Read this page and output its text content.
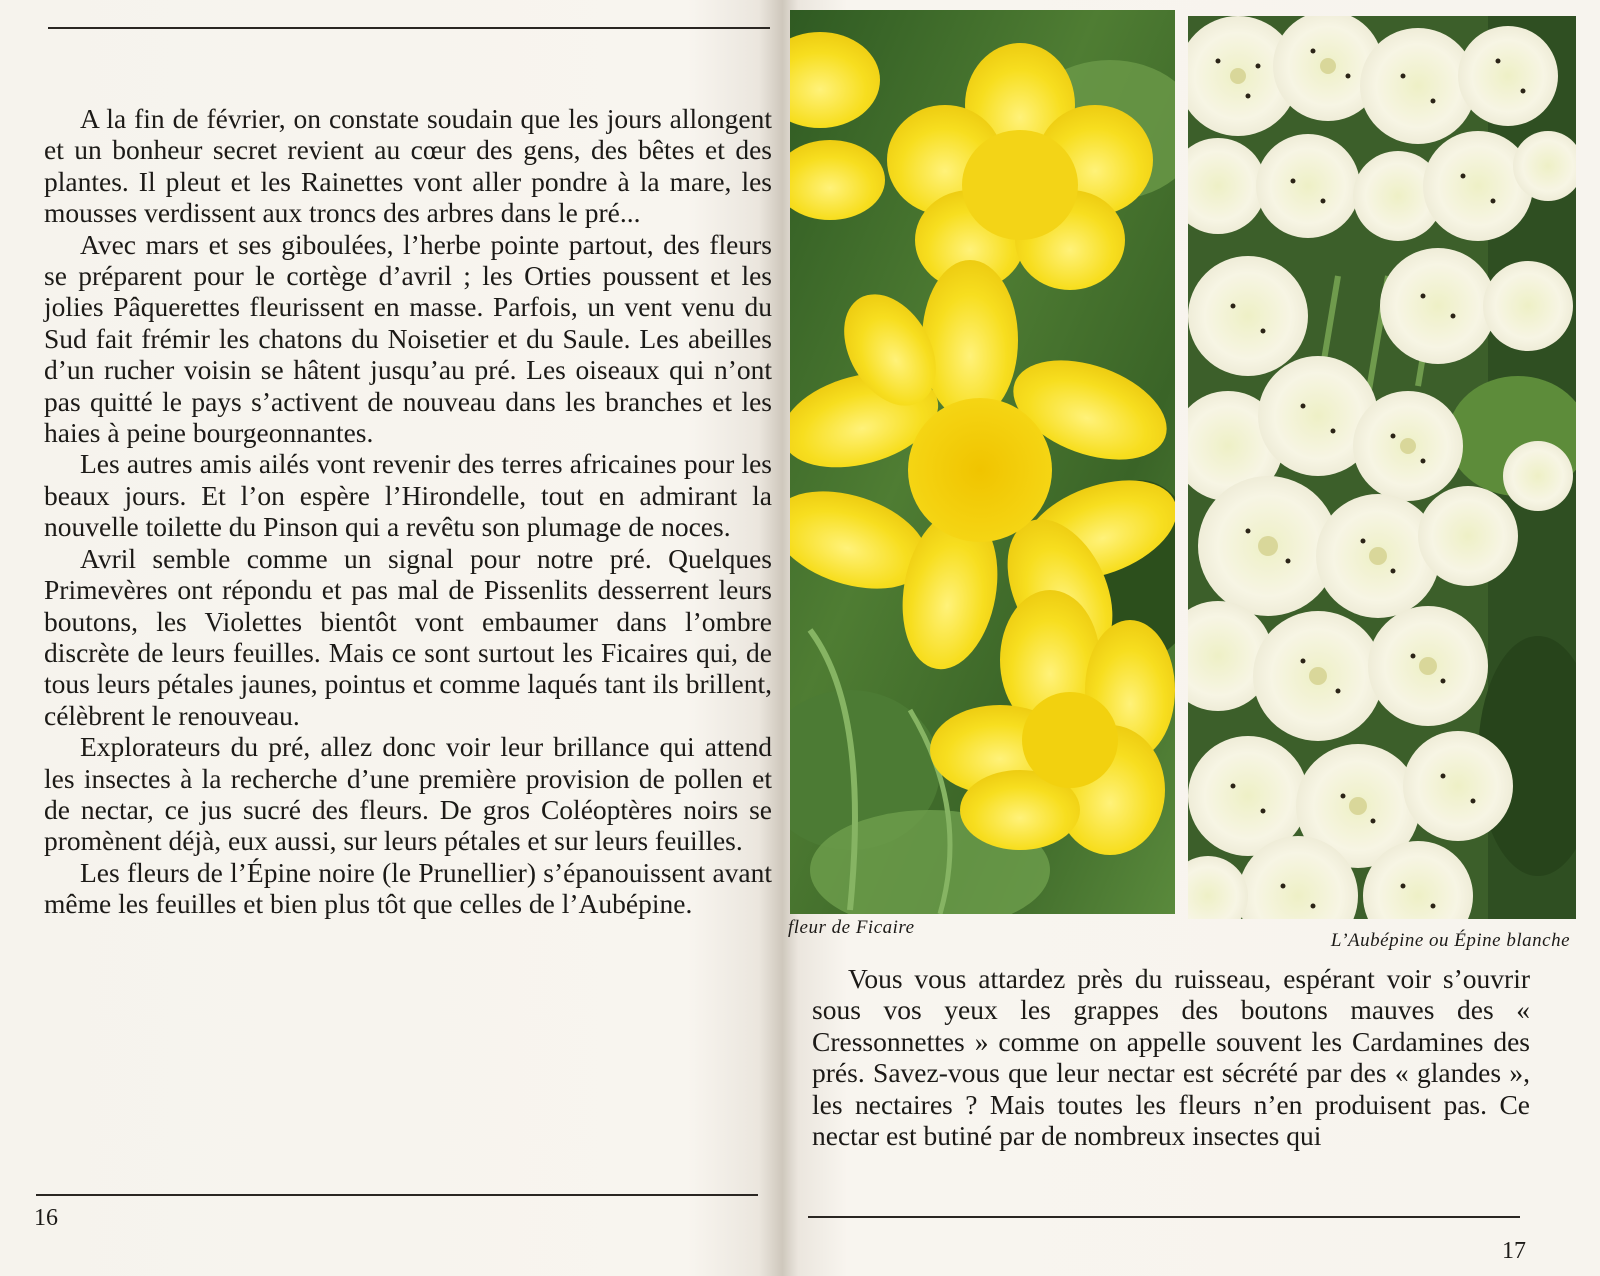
A la fin de février, on constate soudain que les jours allongent et un bonheur secret revient au cœur des gens, des bêtes et des plantes. Il pleut et les Rainettes vont aller pondre à la mare, les mousses verdissent aux troncs des arbres dans le pré...

Avec mars et ses giboulées, l’herbe pointe partout, des fleurs se préparent pour le cortège d’avril ; les Orties poussent et les jolies Pâquerettes fleurissent en masse. Parfois, un vent venu du Sud fait frémir les chatons du Noisetier et du Saule. Les abeilles d’un rucher voisin se hâtent jusqu’au pré. Les oiseaux qui n’ont pas quitté le pays s’activent de nouveau dans les branches et les haies à peine bourgeonnantes.

Les autres amis ailés vont revenir des terres africaines pour les beaux jours. Et l’on espère l’Hirondelle, tout en admirant la nouvelle toilette du Pinson qui a revêtu son plumage de noces.

Avril semble comme un signal pour notre pré. Quelques Primevères ont répondu et pas mal de Pissenlits desserrent leurs boutons, les Violettes bientôt vont embaumer dans l’ombre discrète de leurs feuilles. Mais ce sont surtout les Ficaires qui, de tous leurs pétales jaunes, pointus et comme laqués tant ils brillent, célèbrent le renouveau.

Explorateurs du pré, allez donc voir leur brillance qui attend les insectes à la recherche d’une première provision de pollen et de nectar, ce jus sucré des fleurs. De gros Coléoptères noirs se promènent déjà, eux aussi, sur leurs pétales et sur leurs feuilles.

Les fleurs de l’Épine noire (le Prunellier) s’épanouissent avant même les feuilles et bien plus tôt que celles de l’Aubépine.

16
fleur de Ficaire
L’Aubépine ou Épine blanche

Vous vous attardez près du ruisseau, espérant voir s’ouvrir sous vos yeux les grappes des boutons mauves des « Cressonnettes » comme on appelle souvent les Cardamines des prés. Savez-vous que leur nectar est sécrété par des « glandes », les nectaires ? Mais toutes les fleurs n’en produisent pas. Ce nectar est butiné par de nombreux insectes qui

17
